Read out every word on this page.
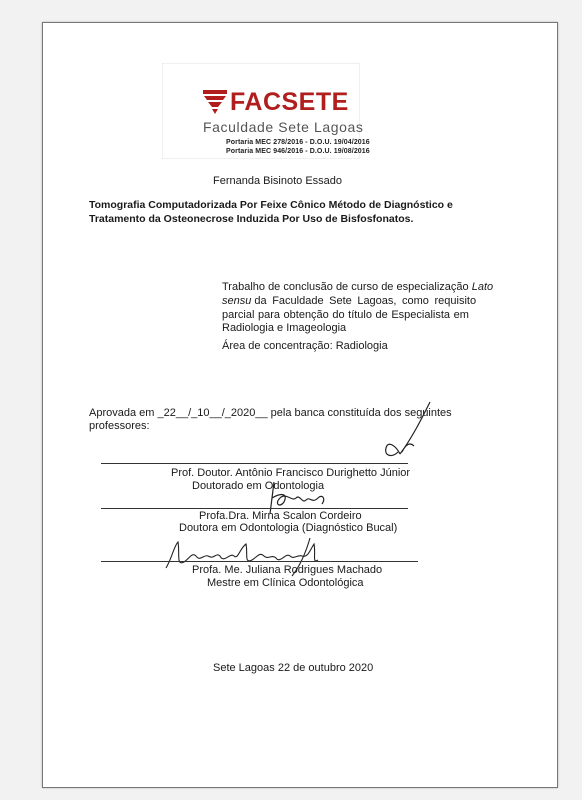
FACSETE
Faculdade Sete Lagoas
Portaria MEC 278/2016 - D.O.U. 19/04/2016
Portaria MEC 946/2016 - D.O.U. 19/08/2016
Fernanda Bisinoto Essado
Tomografia Computadorizada Por Feixe Cônico Método de Diagnóstico e
Tratamento da Osteonecrose Induzida Por Uso de Bisfosfonatos.
Trabalho de conclusão de curso de especialização Lato
sensu da Faculdade Sete Lagoas, como requisito
parcial para obtenção do título de Especialista em
Radiologia e Imageologia
Área de concentração: Radiologia
Aprovada em _22__/_10__/_2020__ pela banca constituída dos seguintes
professores:
Prof. Doutor. Antônio Francisco Durighetto Júnior
Doutorado em Odontologia
Profa.Dra. Mirna Scalon Cordeiro
Doutora em Odontologia (Diagnóstico Bucal)
Profa. Me. Juliana Rodrigues Machado
Mestre em Clínica Odontológica
Sete Lagoas 22 de outubro 2020
